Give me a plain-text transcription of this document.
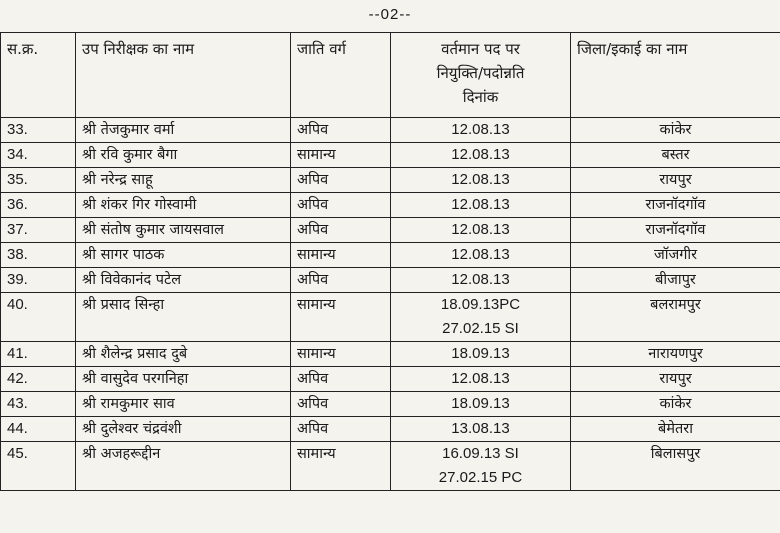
--02--
स.क्र.	उप निरीक्षक का नाम	जाति वर्ग	वर्तमान पद पर
नियुक्ति/पदोन्नति
दिनांक	जिला/इकाई का नाम
33.	श्री तेजकुमार वर्मा	अपिव	12.08.13	कांकेर
34.	श्री रवि कुमार बैगा	सामान्य	12.08.13	बस्तर
35.	श्री नरेन्द्र साहू	अपिव	12.08.13	रायपुर
36.	श्री शंकर गिर गोस्वामी	अपिव	12.08.13	राजनॉदगॉव
37.	श्री संतोष कुमार जायसवाल	अपिव	12.08.13	राजनॉदगॉव
38.	श्री सागर पाठक	सामान्य	12.08.13	जॉजगीर
39.	श्री विवेकानंद पटेल	अपिव	12.08.13	बीजापुर
40.	श्री प्रसाद सिन्हा	सामान्य	18.09.13PC
27.02.15 SI	बलरामपुर
41.	श्री शैलेन्द्र प्रसाद दुबे	सामान्य	18.09.13	नारायणपुर
42.	श्री वासुदेव परगनिहा	अपिव	12.08.13	रायपुर
43.	श्री रामकुमार साव	अपिव	18.09.13	कांकेर
44.	श्री दुलेश्वर चंद्रवंशी	अपिव	13.08.13	बेमेतरा
45.	श्री अजहरूद्दीन	सामान्य	16.09.13 SI
27.02.15 PC	बिलासपुर
